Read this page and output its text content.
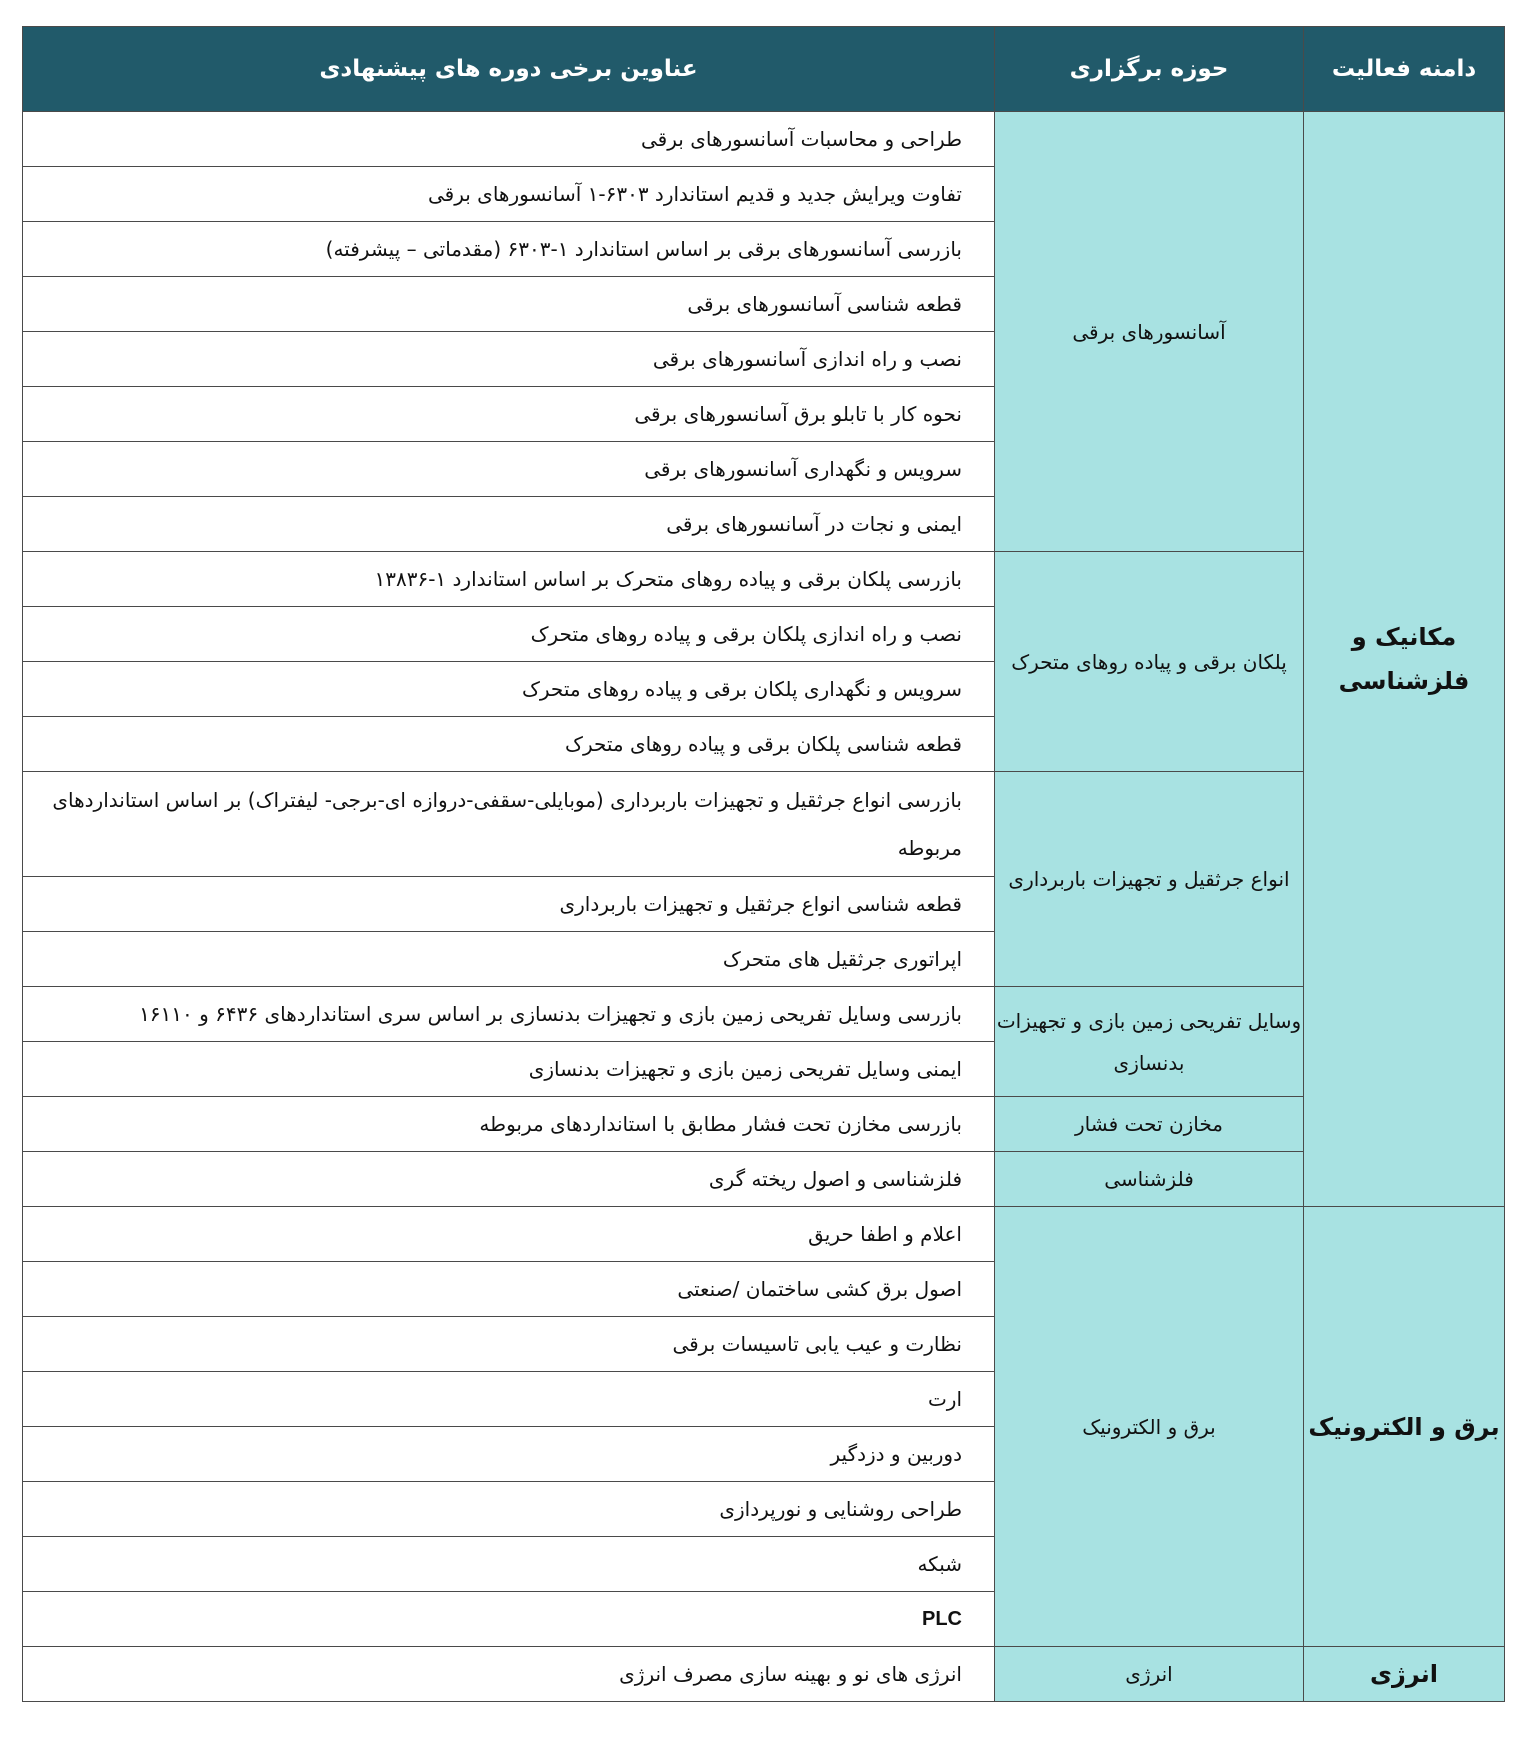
دامنه فعالیت	حوزه برگزاری	عناوین برخی دوره های پیشنهادی
مکانیک و فلزشناسی	آسانسورهای برقی	طراحی و محاسبات آسانسورهای برقی
		تفاوت ویرایش جدید و قدیم استاندارد ۶۳۰۳-۱ آسانسورهای برقی
		بازرسی آسانسورهای برقی بر اساس استاندارد ۱-۶۳۰۳ (مقدماتی – پیشرفته)
		قطعه شناسی آسانسورهای برقی
		نصب و راه اندازی آسانسورهای برقی
		نحوه کار با تابلو برق آسانسورهای برقی
		سرویس و نگهداری آسانسورهای برقی
		ایمنی و نجات در آسانسورهای برقی
	پلکان برقی و پیاده روهای متحرک	بازرسی پلکان برقی و پیاده روهای متحرک بر اساس استاندارد ۱-۱۳۸۳۶
		نصب و راه اندازی پلکان برقی و پیاده روهای متحرک
		سرویس و نگهداری پلکان برقی و پیاده روهای متحرک
		قطعه شناسی پلکان برقی و پیاده روهای متحرک
	انواع جرثقیل و تجهیزات باربرداری	بازرسی انواع جرثقیل و تجهیزات باربرداری (موبایلی-سقفی-دروازه ای-برجی- لیفتراک) بر اساس استانداردهای مربوطه
		قطعه شناسی انواع جرثقیل و تجهیزات باربرداری
		اپراتوری جرثقیل های متحرک
	وسایل تفریحی زمین بازی و تجهیزات بدنسازی	بازرسی وسایل تفریحی زمین بازی و تجهیزات بدنسازی بر اساس سری استانداردهای ۶۴۳۶ و ۱۶۱۱۰
		ایمنی وسایل تفریحی زمین بازی و تجهیزات بدنسازی
	مخازن تحت فشار	بازرسی مخازن تحت فشار مطابق با استانداردهای مربوطه
	فلزشناسی	فلزشناسی و اصول ریخته گری
برق و الکترونیک	برق و الکترونیک	اعلام و اطفا حریق
		اصول برق کشی ساختمان /صنعتی
		نظارت و عیب یابی تاسیسات برقی
		ارت
		دوربین و دزدگیر
		طراحی روشنایی و نورپردازی
		شبکه
		PLC
انرژی	انرژی	انرژی های نو و بهینه سازی مصرف انرژی
